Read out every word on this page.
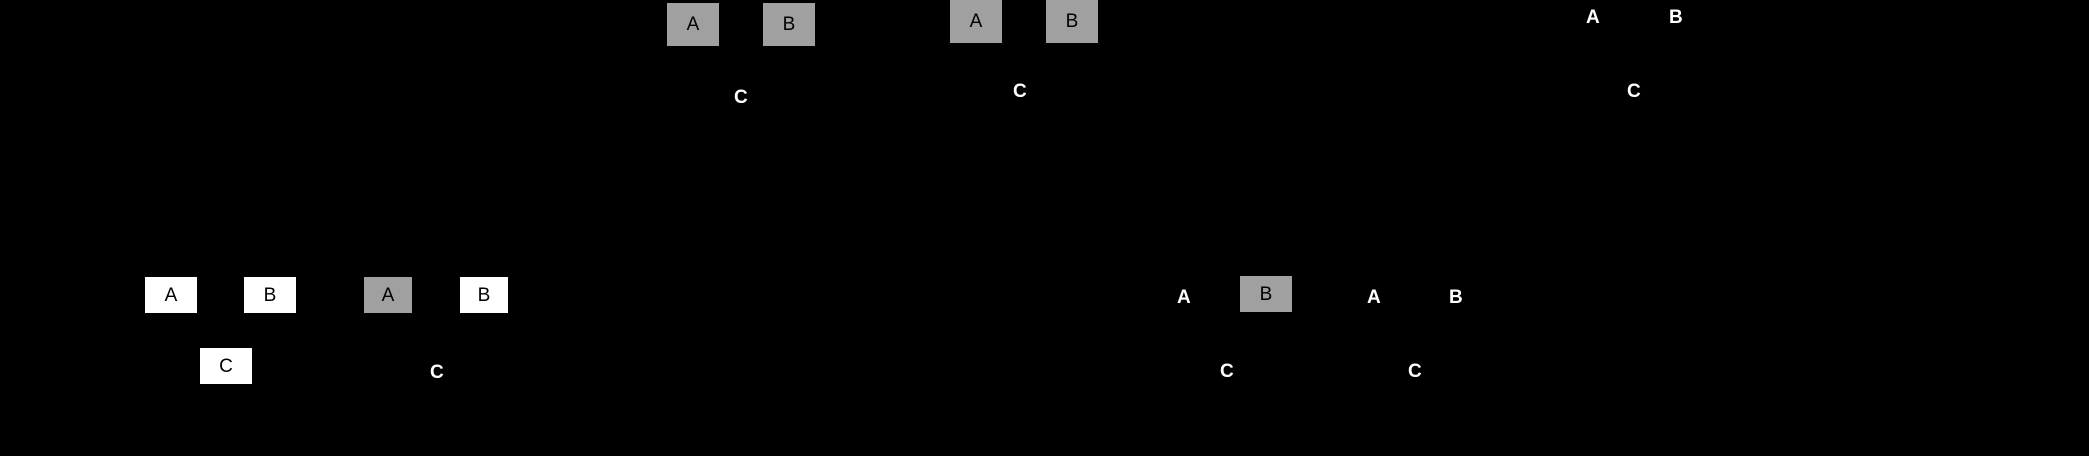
A	B
C
A	B
C
A	B
C
A	B
C
A	B
C
A	B
C
A	B
C
